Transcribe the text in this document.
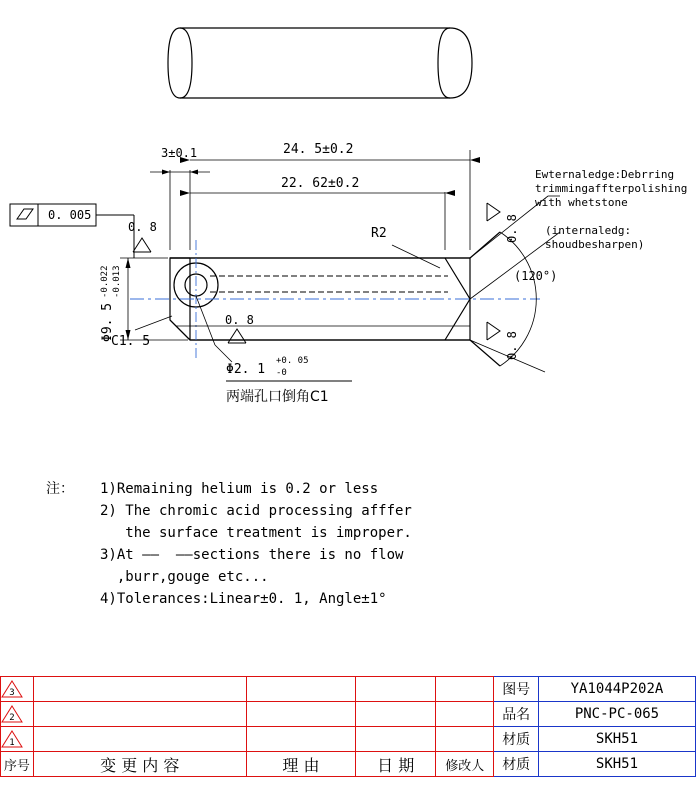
3±0.1	24. 5±0.2
22. 62±0.2
R2
C1. 5
0. 005
0. 8
0. 8
0. 8
0. 8
Φ9. 5
-0.013
-0.022
Φ2. 1
+0. 05
-0
两端孔口倒角C1
(120°)
Ewternaledge:Debrring
trimmingaffterpolishing
with whetstone
(internaledg:
shoudbesharpen)
注： 1)Remaining helium is 0.2 or less
2) The chromic acid processing afffer
the surface treatment is improper.
3)At ——  ——sections there is no flow
,burr,gouge etc...
4)Tolerances:Linear±0. 1, Angle±1°
3					图号	YA1044P202A

2					品名	PNC-PC-065

1					材质	SKH51
序号	变 更 内 容	理 由	日 期	修改人	材质	SKH51
